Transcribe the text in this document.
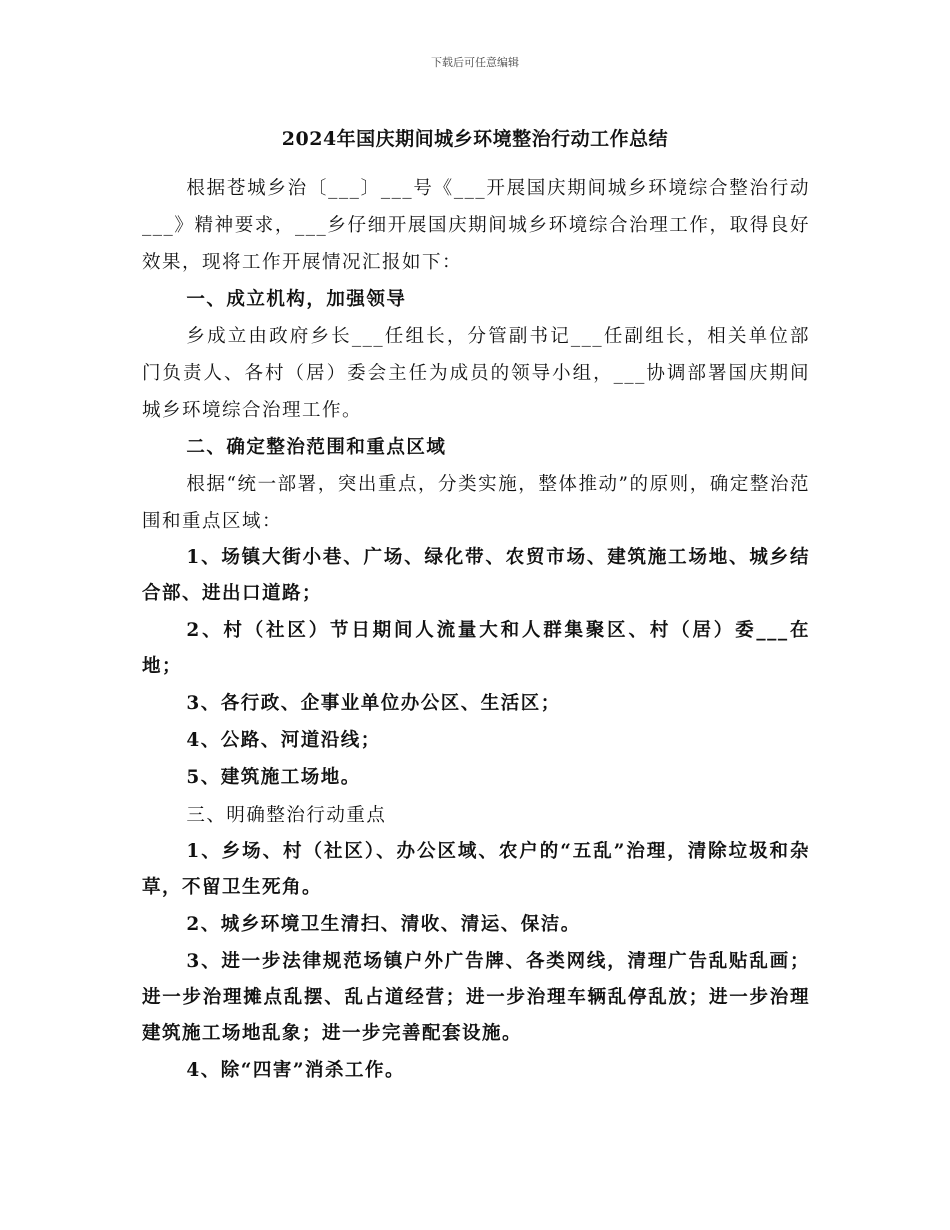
下载后可任意编辑
2024年国庆期间城乡环境整治行动工作总结

根据苍城乡治〔___〕___号《___开展国庆期间城乡环境综合整治行动___》精神要求，___乡仔细开展国庆期间城乡环境综合治理工作，取得良好效果，现将工作开展情况汇报如下：

一、成立机构，加强领导

乡成立由政府乡长___任组长，分管副书记___任副组长，相关单位部门负责人、各村（居）委会主任为成员的领导小组，___协调部署国庆期间城乡环境综合治理工作。

二、确定整治范围和重点区域

根据“统一部署，突出重点，分类实施，整体推动”的原则，确定整治范围和重点区域：

1、场镇大街小巷、广场、绿化带、农贸市场、建筑施工场地、城乡结合部、进出口道路；

2、村（社区）节日期间人流量大和人群集聚区、村（居）委___在地；

3、各行政、企事业单位办公区、生活区；

4、公路、河道沿线；

5、建筑施工场地。

三、明确整治行动重点

1、乡场、村（社区）、办公区域、农户的“五乱”治理，清除垃圾和杂草，不留卫生死角。

2、城乡环境卫生清扫、清收、清运、保洁。

3、进一步法律规范场镇户外广告牌、各类网线，清理广告乱贴乱画；进一步治理摊点乱摆、乱占道经营；进一步治理车辆乱停乱放；进一步治理建筑施工场地乱象；进一步完善配套设施。

4、除“四害”消杀工作。
